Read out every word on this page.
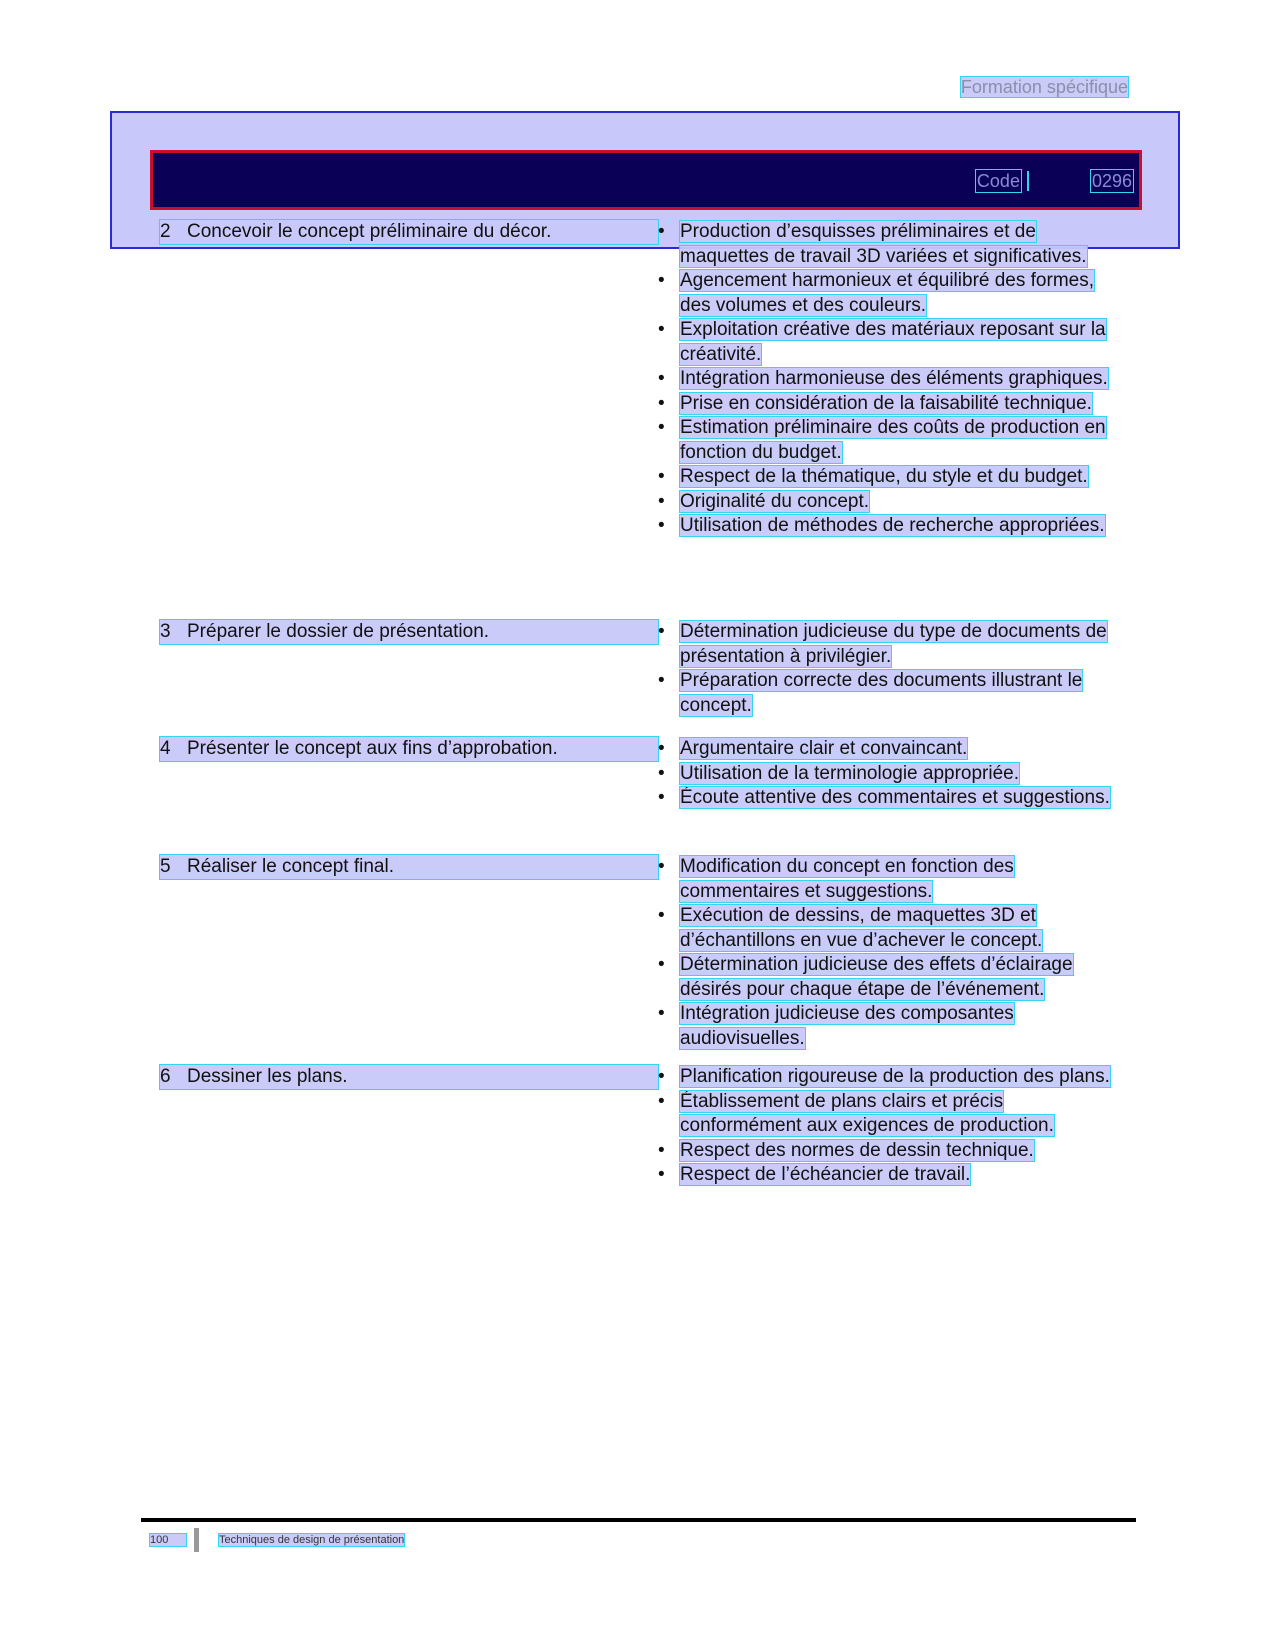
Formation spécifique
Code	0296
2 Concevoir le concept préliminaire du décor.	• Production d’esquisses préliminaires et de maquettes de travail 3D variées et significatives.
• Agencement harmonieux et équilibré des formes, des volumes et des couleurs.
• Exploitation créative des matériaux reposant sur la créativité.
• Intégration harmonieuse des éléments graphiques.
• Prise en considération de la faisabilité technique.
• Estimation préliminaire des coûts de production en fonction du budget.
• Respect de la thématique, du style et du budget.
• Originalité du concept.
• Utilisation de méthodes de recherche appropriées.
3 Préparer le dossier de présentation.	• Détermination judicieuse du type de documents de présentation à privilégier.
• Préparation correcte des documents illustrant le concept.
4 Présenter le concept aux fins d’approbation.	• Argumentaire clair et convaincant.
• Utilisation de la terminologie appropriée.
• Écoute attentive des commentaires et suggestions.
5 Réaliser le concept final.	• Modification du concept en fonction des commentaires et suggestions.
• Exécution de dessins, de maquettes 3D et d’échantillons en vue d’achever le concept.
• Détermination judicieuse des effets d’éclairage désirés pour chaque étape de l’événement.
• Intégration judicieuse des composantes audiovisuelles.
6 Dessiner les plans.	• Planification rigoureuse de la production des plans.
• Établissement de plans clairs et précis conformément aux exigences de production.
• Respect des normes de dessin technique.
• Respect de l’échéancier de travail.
100	Techniques de design de présentation
